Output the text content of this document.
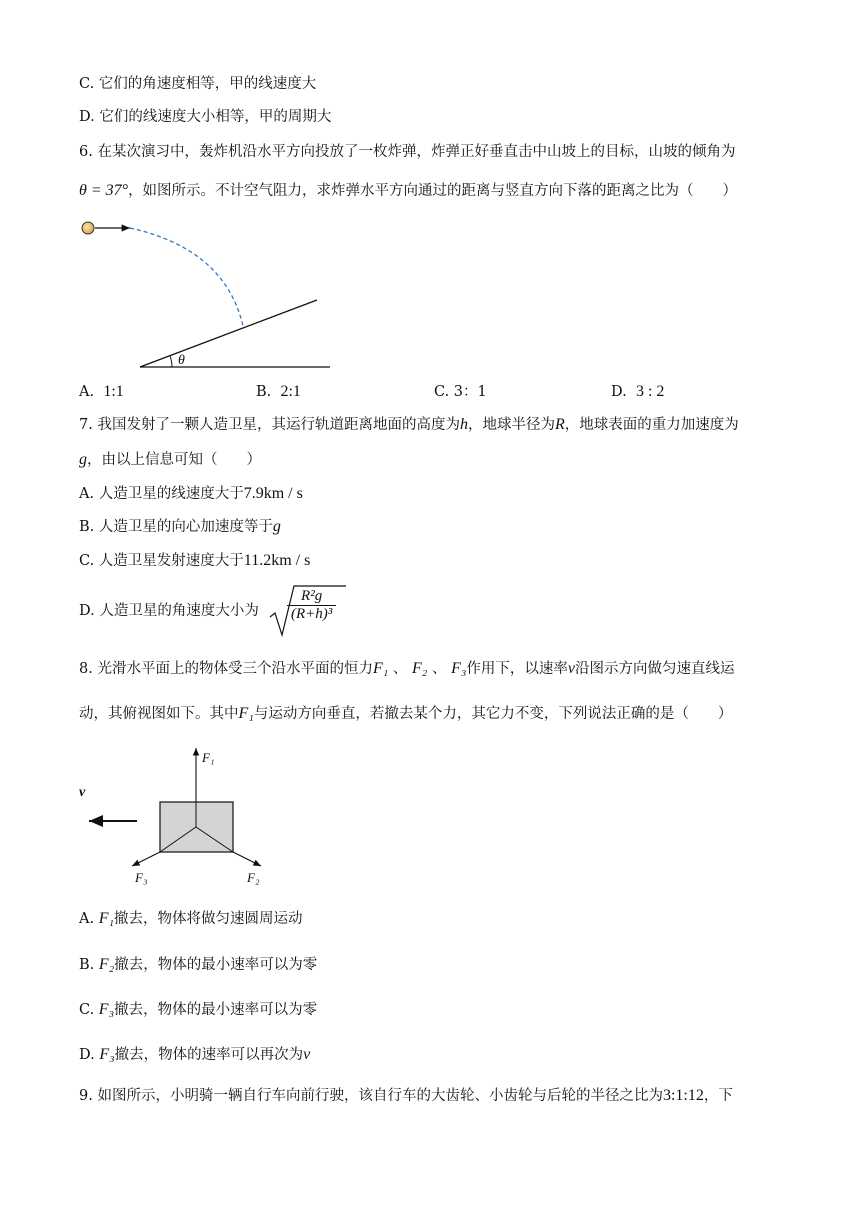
C. 它们的角速度相等，甲的线速度大
D. 它们的线速度大小相等，甲的周期大
6. 在某次演习中，轰炸机沿水平方向投放了一枚炸弹，炸弹正好垂直击中山坡上的目标，山坡的倾角为
θ = 37°，如图所示。不计空气阻力，求炸弹水平方向通过的距离与竖直方向下落的距离之比为（　　）
θ
A. 1:1	B. 2:1	C. 3：1	D. 3 : 2
7. 我国发射了一颗人造卫星，其运行轨道距离地面的高度为h，地球半径为R，地球表面的重力加速度为
g，由以上信息可知（　　）
A. 人造卫星的线速度大于7.9km / s
B. 人造卫星的向心加速度等于g
C. 人造卫星发射速度大于11.2km / s
D. 人造卫星的角速度大小为 $\frac{\text{R²g}}{\text{(R+h)³}}$
8. 光滑水平面上的物体受三个沿水平面的恒力F₁ 、 F₂ 、 F₃作用下，以速率v沿图示方向做匀速直线运
动，其俯视图如下。其中F₁与运动方向垂直，若撤去某个力，其它力不变，下列说法正确的是（　　）
v
F₁
F₂
F₃
A. F₁撤去，物体将做匀速圆周运动
B. F₂撤去，物体的最小速率可以为零
C. F₃撤去，物体的最小速率可以为零
D. F₃撤去，物体的速率可以再次为v
9. 如图所示，小明骑一辆自行车向前行驶，该自行车的大齿轮、小齿轮与后轮的半径之比为3:1:12，下
